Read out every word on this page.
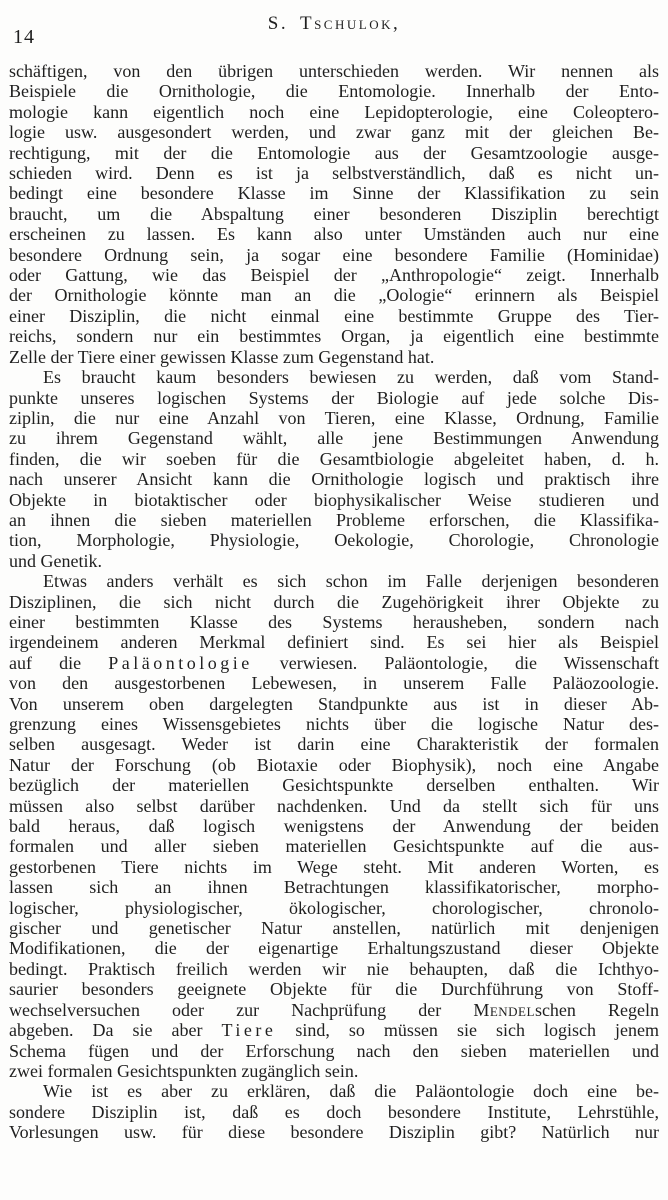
14
S. Tschulok,
schäftigen, von den übrigen unterschieden werden. Wir nennen als
Beispiele die Ornithologie, die Entomologie. Innerhalb der Ento-
mologie kann eigentlich noch eine Lepidopterologie, eine Coleoptero-
logie usw. ausgesondert werden, und zwar ganz mit der gleichen Be-
rechtigung, mit der die Entomologie aus der Gesamtzoologie ausge-
schieden wird. Denn es ist ja selbstverständlich, daß es nicht un-
bedingt eine besondere Klasse im Sinne der Klassifikation zu sein
braucht, um die Abspaltung einer besonderen Disziplin berechtigt
erscheinen zu lassen. Es kann also unter Umständen auch nur eine
besondere Ordnung sein, ja sogar eine besondere Familie (Hominidae)
oder Gattung, wie das Beispiel der „Anthropologie“ zeigt. Innerhalb
der Ornithologie könnte man an die „Oologie“ erinnern als Beispiel
einer Disziplin, die nicht einmal eine bestimmte Gruppe des Tier-
reichs, sondern nur ein bestimmtes Organ, ja eigentlich eine bestimmte
Zelle der Tiere einer gewissen Klasse zum Gegenstand hat.
Es braucht kaum besonders bewiesen zu werden, daß vom Stand-
punkte unseres logischen Systems der Biologie auf jede solche Dis-
ziplin, die nur eine Anzahl von Tieren, eine Klasse, Ordnung, Familie
zu ihrem Gegenstand wählt, alle jene Bestimmungen Anwendung
finden, die wir soeben für die Gesamtbiologie abgeleitet haben, d. h.
nach unserer Ansicht kann die Ornithologie logisch und praktisch ihre
Objekte in biotaktischer oder biophysikalischer Weise studieren und
an ihnen die sieben materiellen Probleme erforschen, die Klassifika-
tion, Morphologie, Physiologie, Oekologie, Chorologie, Chronologie
und Genetik.
Etwas anders verhält es sich schon im Falle derjenigen besonderen
Disziplinen, die sich nicht durch die Zugehörigkeit ihrer Objekte zu
einer bestimmten Klasse des Systems herausheben, sondern nach
irgendeinem anderen Merkmal definiert sind. Es sei hier als Beispiel
auf die Paläontologie verwiesen. Paläontologie, die Wissenschaft
von den ausgestorbenen Lebewesen, in unserem Falle Paläozoologie.
Von unserem oben dargelegten Standpunkte aus ist in dieser Ab-
grenzung eines Wissensgebietes nichts über die logische Natur des-
selben ausgesagt. Weder ist darin eine Charakteristik der formalen
Natur der Forschung (ob Biotaxie oder Biophysik), noch eine Angabe
bezüglich der materiellen Gesichtspunkte derselben enthalten. Wir
müssen also selbst darüber nachdenken. Und da stellt sich für uns
bald heraus, daß logisch wenigstens der Anwendung der beiden
formalen und aller sieben materiellen Gesichtspunkte auf die aus-
gestorbenen Tiere nichts im Wege steht. Mit anderen Worten, es
lassen sich an ihnen Betrachtungen klassifikatorischer, morpho-
logischer, physiologischer, ökologischer, chorologischer, chronolo-
gischer und genetischer Natur anstellen, natürlich mit denjenigen
Modifikationen, die der eigenartige Erhaltungszustand dieser Objekte
bedingt. Praktisch freilich werden wir nie behaupten, daß die Ichthyo-
saurier besonders geeignete Objekte für die Durchführung von Stoff-
wechselversuchen oder zur Nachprüfung der Mendelschen Regeln
abgeben. Da sie aber Tiere sind, so müssen sie sich logisch jenem
Schema fügen und der Erforschung nach den sieben materiellen und
zwei formalen Gesichtspunkten zugänglich sein.
Wie ist es aber zu erklären, daß die Paläontologie doch eine be-
sondere Disziplin ist, daß es doch besondere Institute, Lehrstühle,
Vorlesungen usw. für diese besondere Disziplin gibt? Natürlich nur
